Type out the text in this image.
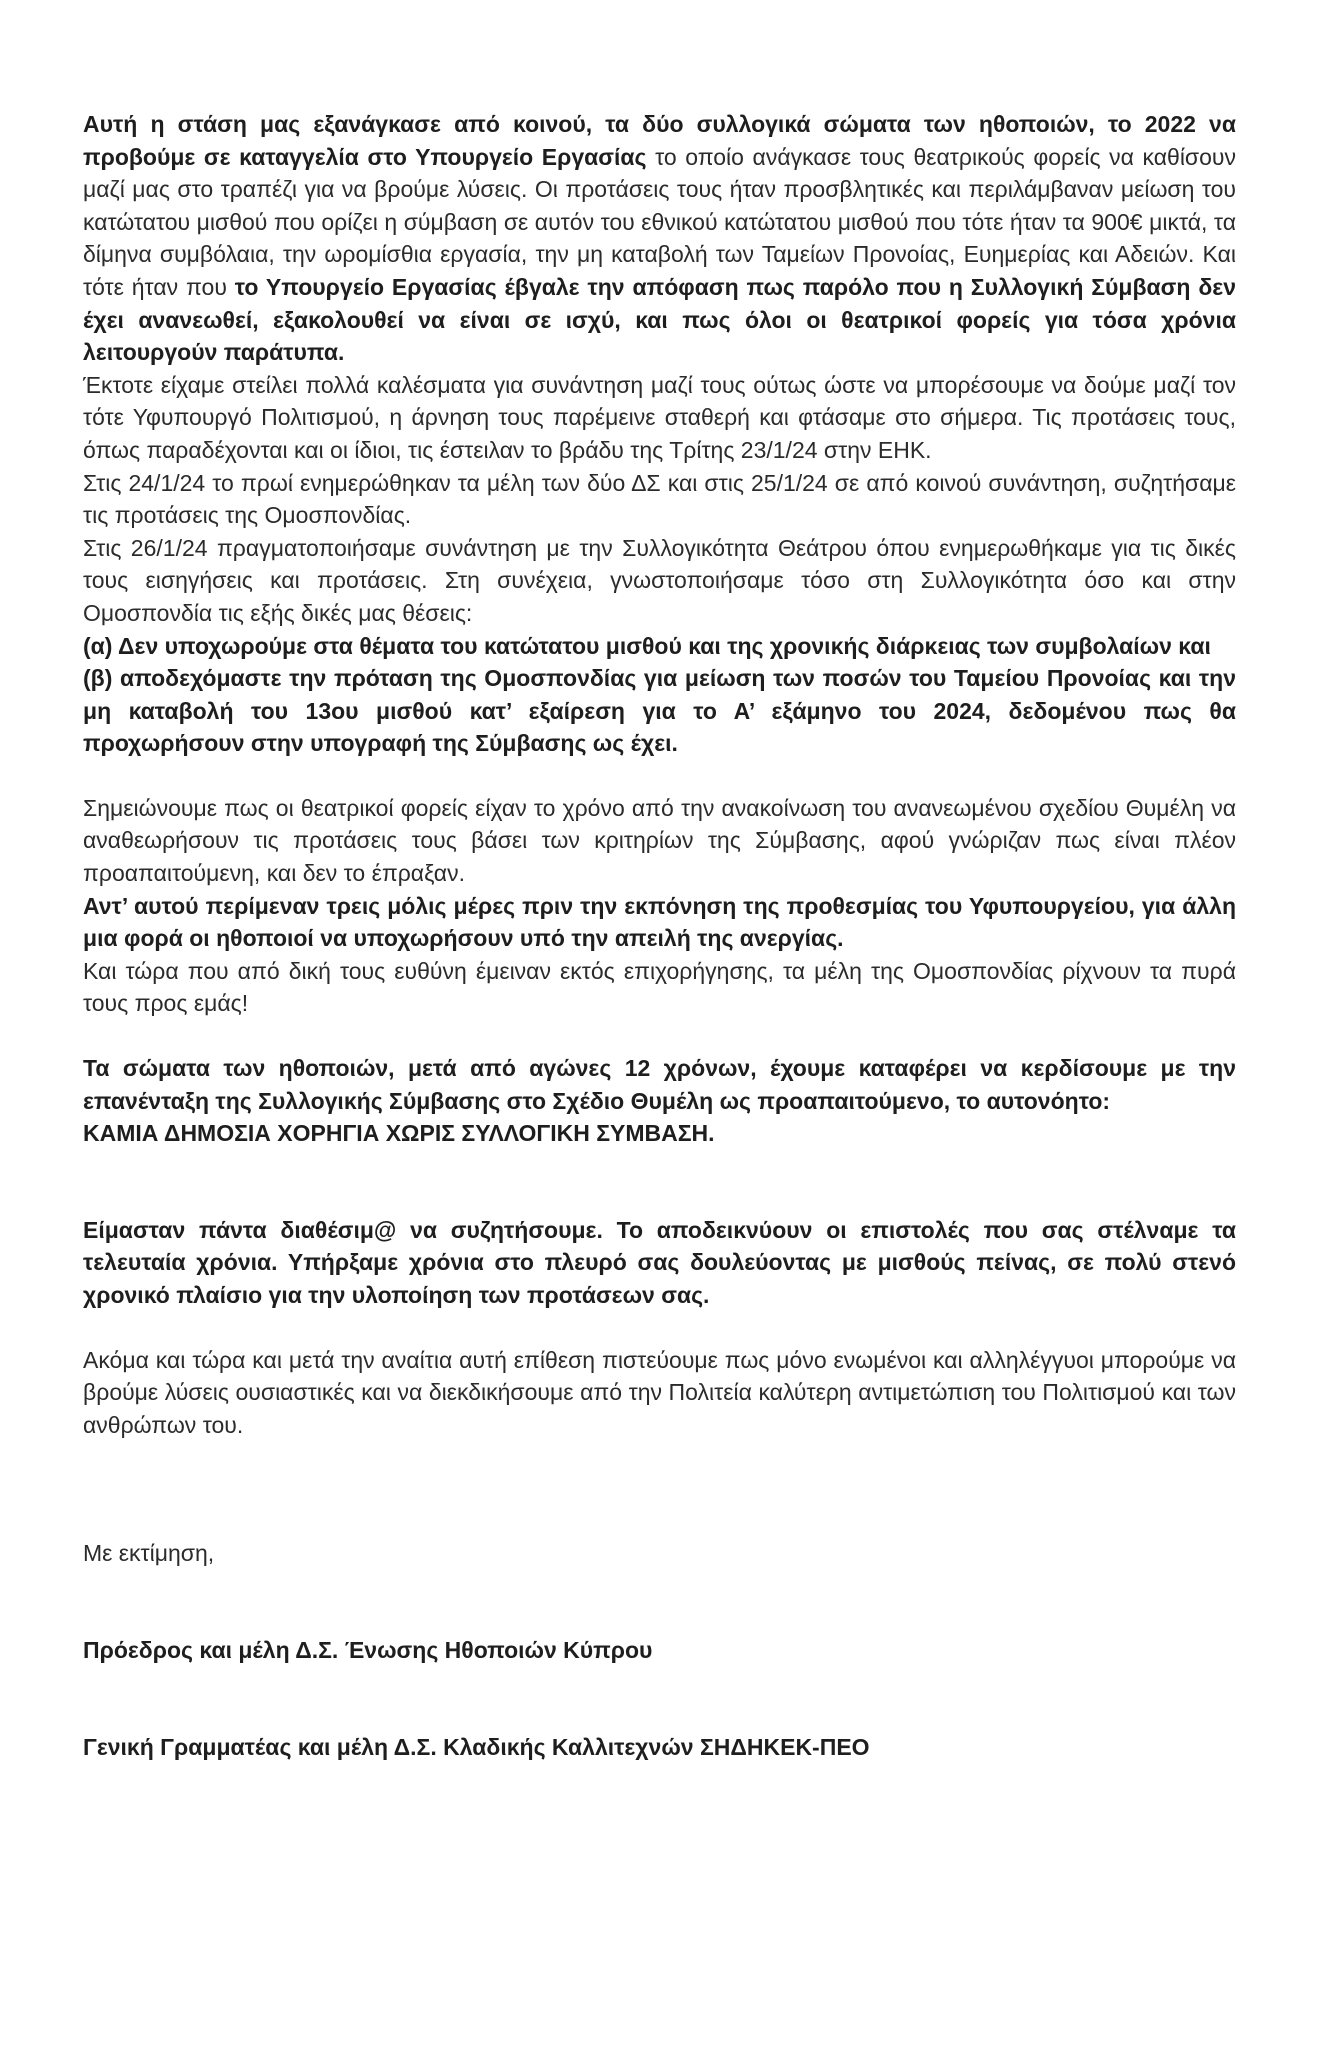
Αυτή η στάση μας εξανάγκασε από κοινού, τα δύο συλλογικά σώματα των ηθοποιών, το 2022 να προβούμε σε καταγγελία στο Υπουργείο Εργασίας το οποίο ανάγκασε τους θεατρικούς φορείς να καθίσουν μαζί μας στο τραπέζι για να βρούμε λύσεις. Οι προτάσεις τους ήταν προσβλητικές και περιλάμβαναν μείωση του κατώτατου μισθού που ορίζει η σύμβαση σε αυτόν του εθνικού κατώτατου μισθού που τότε ήταν τα 900€ μικτά, τα δίμηνα συμβόλαια, την ωρομίσθια εργασία, την μη καταβολή των Ταμείων Προνοίας, Ευημερίας και Αδειών. Και τότε ήταν που το Υπουργείο Εργασίας έβγαλε την απόφαση πως παρόλο που η Συλλογική Σύμβαση δεν έχει ανανεωθεί, εξακολουθεί να είναι σε ισχύ, και πως όλοι οι θεατρικοί φορείς για τόσα χρόνια λειτουργούν παράτυπα.

Έκτοτε είχαμε στείλει πολλά καλέσματα για συνάντηση μαζί τους ούτως ώστε να μπορέσουμε να δούμε μαζί τον τότε Υφυπουργό Πολιτισμού, η άρνηση τους παρέμεινε σταθερή και φτάσαμε στο σήμερα. Τις προτάσεις τους, όπως παραδέχονται και οι ίδιοι, τις έστειλαν το βράδυ της Τρίτης 23/1/24 στην ΕΗΚ.

Στις 24/1/24 το πρωί ενημερώθηκαν τα μέλη των δύο ΔΣ και στις 25/1/24 σε από κοινού συνάντηση, συζητήσαμε τις προτάσεις της Ομοσπονδίας.

Στις 26/1/24 πραγματοποιήσαμε συνάντηση με την Συλλογικότητα Θεάτρου όπου ενημερωθήκαμε για τις δικές τους εισηγήσεις και προτάσεις. Στη συνέχεια, γνωστοποιήσαμε τόσο στη Συλλογικότητα όσο και στην Ομοσπονδία τις εξής δικές μας θέσεις:

(α) Δεν υποχωρούμε στα θέματα του κατώτατου μισθού και της χρονικής διάρκειας των συμβολαίων και

(β) αποδεχόμαστε την πρόταση της Ομοσπονδίας για μείωση των ποσών του Ταμείου Προνοίας και την μη καταβολή του 13ου μισθού κατ’ εξαίρεση για το Α’ εξάμηνο του 2024, δεδομένου πως θα προχωρήσουν στην υπογραφή της Σύμβασης ως έχει.

Σημειώνουμε πως οι θεατρικοί φορείς είχαν το χρόνο από την ανακοίνωση του ανανεωμένου σχεδίου Θυμέλη να αναθεωρήσουν τις προτάσεις τους βάσει των κριτηρίων της Σύμβασης, αφού γνώριζαν πως είναι πλέον προαπαιτούμενη, και δεν το έπραξαν.

Αντ’ αυτού περίμεναν τρεις μόλις μέρες πριν την εκπόνηση της προθεσμίας του Υφυπουργείου, για άλλη μια φορά οι ηθοποιοί να υποχωρήσουν υπό την απειλή της ανεργίας.

Και τώρα που από δική τους ευθύνη έμειναν εκτός επιχορήγησης, τα μέλη της Ομοσπονδίας ρίχνουν τα πυρά τους προς εμάς!

Τα σώματα των ηθοποιών, μετά από αγώνες 12 χρόνων, έχουμε καταφέρει να κερδίσουμε με την επανένταξη της Συλλογικής Σύμβασης στο Σχέδιο Θυμέλη ως προαπαιτούμενο, το αυτονόητο:
ΚΑΜΙΑ ΔΗΜΟΣΙΑ ΧΟΡΗΓΙΑ ΧΩΡΙΣ ΣΥΛΛΟΓΙΚΗ ΣΥΜΒΑΣΗ.

Είμασταν πάντα διαθέσιμ@ να συζητήσουμε. Το αποδεικνύουν οι επιστολές που σας στέλναμε τα τελευταία χρόνια. Υπήρξαμε χρόνια στο πλευρό σας δουλεύοντας με μισθούς πείνας, σε πολύ στενό χρονικό πλαίσιο για την υλοποίηση των προτάσεων σας.

Ακόμα και τώρα και μετά την αναίτια αυτή επίθεση πιστεύουμε πως μόνο ενωμένοι και αλληλέγγυοι μπορούμε να βρούμε λύσεις ουσιαστικές και να διεκδικήσουμε από την Πολιτεία καλύτερη αντιμετώπιση του Πολιτισμού και των ανθρώπων του.

Με εκτίμηση,

Πρόεδρος και μέλη Δ.Σ. Ένωσης Ηθοποιών Κύπρου

Γενική Γραμματέας και μέλη Δ.Σ. Κλαδικής Καλλιτεχνών ΣΗΔΗΚΕΚ-ΠΕΟ
